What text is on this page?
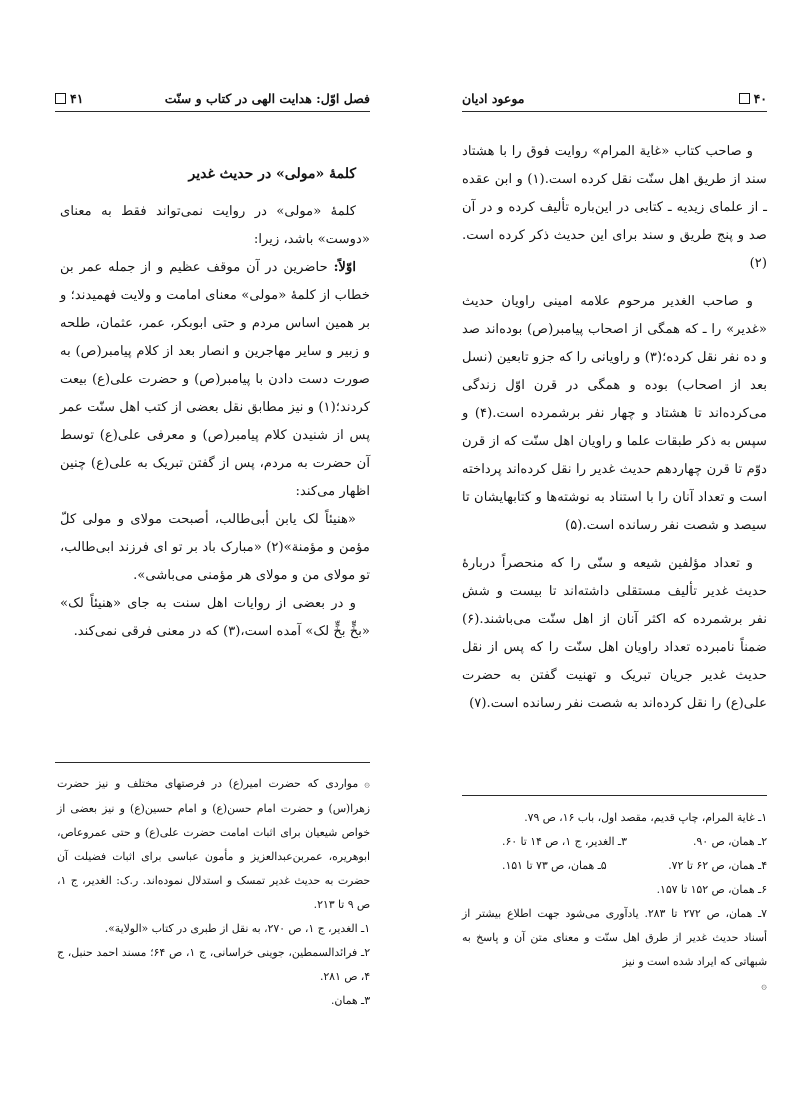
فصل اوّل: هدایت الهی در کتاب و سنّت
۴۱

کلمهٔ «مولی» در حدیث غدیر

کلمهٔ «مولی» در روایت نمی‌تواند فقط به معنای «دوست» باشد، زیرا:

اوّلاً: حاضرین در آن موقف عظیم و از جمله عمر بن خطاب از کلمهٔ «مولی» معنای امامت و ولایت فهمیدند؛ و بر همین اساس مردم و حتی ابوبکر، عمر، عثمان، طلحه و زبیر و سایر مهاجرین و انصار بعد از کلام پیامبر(ص) به صورت دست دادن با پیامبر(ص) و حضرت علی(ع) بیعت کردند؛(۱) و نیز مطابق نقل بعضی از کتب اهل سنّت عمر پس از شنیدن کلام پیامبر(ص) و معرفی علی(ع) توسط آن حضرت به مردم، پس از گفتن تبریک به علی(ع) چنین اظهار می‌کند:

«هنیئاً لک یابن أبی‌طالب، أصبحت مولای و مولی کلّ مؤمن و مؤمنة»(۲) «مبارک باد بر تو ای فرزند ابی‌طالب، تو مولای من و مولای هر مؤمنی می‌باشی».

و در بعضی از روایات اهل سنت به جای «هنیئاً لک» «بخٍّ بخٍّ لک» آمده است،(۳) که در معنی فرقی نمی‌کند.

۞مواردی که حضرت امیر(ع) در فرصتهای مختلف و نیز حضرت زهرا(س) و حضرت امام حسن(ع) و امام حسین(ع) و نیز بعضی از خواص شیعیان برای اثبات امامت حضرت علی(ع) و حتی عمروعاص، ابوهریره، عمربن‌عبدالعزیز و مأمون عباسی برای اثبات فضیلت آن حضرت به حدیث غدیر تمسک و استدلال نموده‌اند. ر.ک: الغدیر، ج ۱، ص ۹ تا ۲۱۳.

۱ـ الغدیر، ج ۱، ص ۲۷۰، به نقل از طبری در کتاب «الولایة».

۲ـ فرائدالسمطین، جوینی خراسانی، ج ۱، ص ۶۴؛ مسند احمد حنبل، ج ۴، ص ۲۸۱.

۳ـ همان.

۴۰
موعود ادیان

و صاحب کتاب «غایة المرام» روایت فوق را با هشتاد سند از طریق اهل سنّت نقل کرده است.(۱) و ابن عقده ـ از علمای زیدیه ـ کتابی در این‌باره تألیف کرده و در آن صد و پنج طریق و سند برای این حدیث ذکر کرده است.(۲)

و صاحب الغدیر مرحوم علامه امینی راویان حدیث «غدیر» را ـ که همگی از اصحاب پیامبر(ص) بوده‌اند صد و ده نفر نقل کرده؛(۳) و راویانی را که جزو تابعین (نسل بعد از اصحاب) بوده و همگی در قرن اوّل زندگی می‌کرده‌اند تا هشتاد و چهار نفر برشمرده است.(۴) و سپس به ذکر طبقات علما و راویان اهل سنّت که از قرن دوّم تا قرن چهاردهم حدیث غدیر را نقل کرده‌اند پرداخته است و تعداد آنان را با استناد به نوشته‌ها و کتابهایشان تا سیصد و شصت نفر رسانده است.(۵)

و تعداد مؤلفین شیعه و سنّی را که منحصراً دربارهٔ حدیث غدیر تألیف مستقلی داشته‌اند تا بیست و شش نفر برشمرده که اکثر آنان از اهل سنّت می‌باشند.(۶) ضمناً نامبرده تعداد راویان اهل سنّت را که پس از نقل حدیث غدیر جریان تبریک و تهنیت گفتن به حضرت علی(ع) را نقل کرده‌اند به شصت نفر رسانده است.(۷)

۱ـ غایة المرام، چاپ قدیم، مقصد اول، باب ۱۶، ص ۷۹.

۲ـ همان، ص ۹۰.
۳ـ الغدیر، ج ۱، ص ۱۴ تا ۶۰.
۴ـ همان، ص ۶۲ تا ۷۲.
۵ـ همان، ص ۷۳ تا ۱۵۱.

۶ـ همان، ص ۱۵۲ تا ۱۵۷.

۷ـ همان، ص ۲۷۲ تا ۲۸۳. یادآوری می‌شود جهت اطلاع بیشتر از أسناد حدیث غدیر از طرق اهل سنّت و معنای متن آن و پاسخ به شبهاتی که ایراد شده است و نیز

۞
